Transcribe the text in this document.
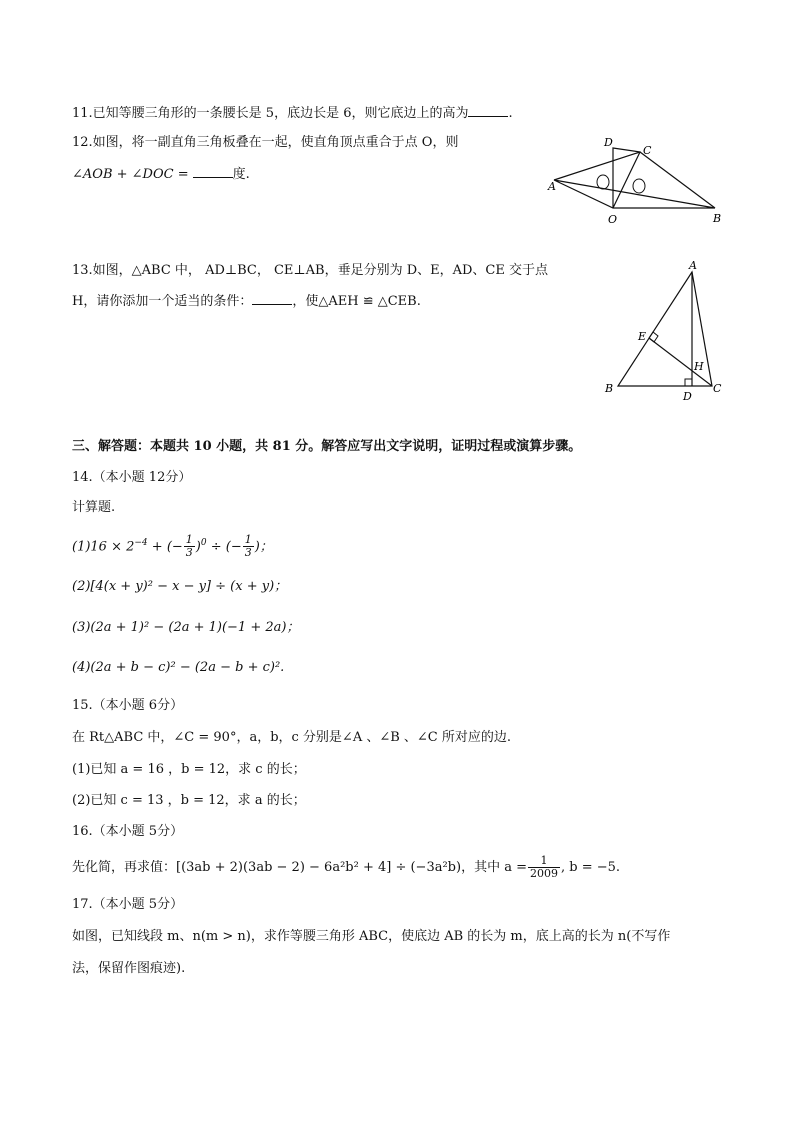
11.已知等腰三角形的一条腰长是 5，底边长是 6，则它底边上的高为	.
12.如图，将一副直角三角板叠在一起，使直角顶点重合于点 O，则
∠AOB + ∠DOC =	度.
A
B
C
D
O
13.如图，△ABC 中， AD⊥BC， CE⊥AB，垂足分别为 D、E，AD、CE 交于点
H，请你添加一个适当的条件：	，使△AEH ≌ △CEB.
A
B	C
D
E
H
三、解答题：本题共 10 小题，共 81 分。解答应写出文字说明，证明过程或演算步骤。
14.（本小题 12分）
计算题.
$(1)16 \times 2^{-4}$ + (− $\frac{1}{3} )^0$ ÷ (− $\frac{1}{3}$ )；
(2)[4(x + y)² − x − y] ÷ (x + y)；
(3)(2a + 1)² − (2a + 1)(−1 + 2a)；
(4)(2a + b − c)² − (2a − b + c)².
15.（本小题 6分）
在 Rt△ABC 中，∠C = 90°，a，b，c 分别是∠A 、∠B 、∠C 所对应的边.
(1)已知 a = 16 ，b = 12，求 c 的长；
(2)已知 c = 13 ，b = 12，求 a 的长；
16.（本小题 5分）
先化简，再求值：[(3ab + 2)(3ab − 2) − 6a²b² + 4] ÷ (−3a²b)，其中 $a = \frac{1}{2009}$ , b = −5.
17.（本小题 5分）
如图，已知线段 m、n(m > n)，求作等腰三角形 ABC，使底边 AB 的长为 m，底上高的长为 n(不写作
法，保留作图痕迹).
